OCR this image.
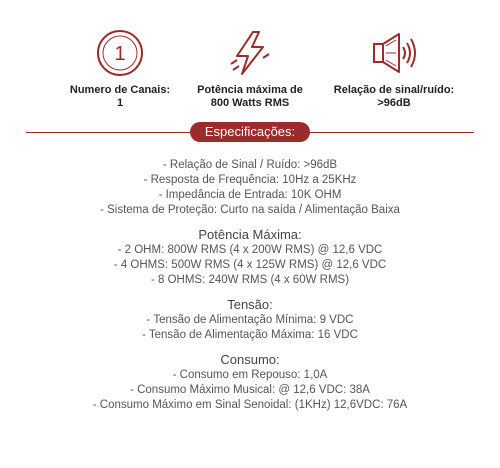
1
Numero de Canais:
1
Potência máxima de
800 Watts RMS
Relação de sinal/ruído:
>96dB
Especificações:
- Relação de Sinal / Ruído: >96dB
- Resposta de Frequência: 10Hz a 25KHz
- Impedância de Entrada: 10K OHM
- Sistema de Proteção: Curto na saída / Alimentação Baixa
Potência Máxima:
- 2 OHM: 800W RMS (4 x 200W RMS) @ 12,6 VDC
- 4 OHMS: 500W RMS (4 x 125W RMS) @ 12,6 VDC
- 8 OHMS: 240W RMS (4 x 60W RMS)
Tensão:
- Tensão de Alimentação Mínima: 9 VDC
- Tensão de Alimentação Máxima: 16 VDC
Consumo:
- Consumo em Repouso: 1,0A
- Consumo Máximo Musical: @ 12,6 VDC: 38A
- Consumo Máximo em Sinal Senoidal: (1KHz) 12,6VDC: 76A
